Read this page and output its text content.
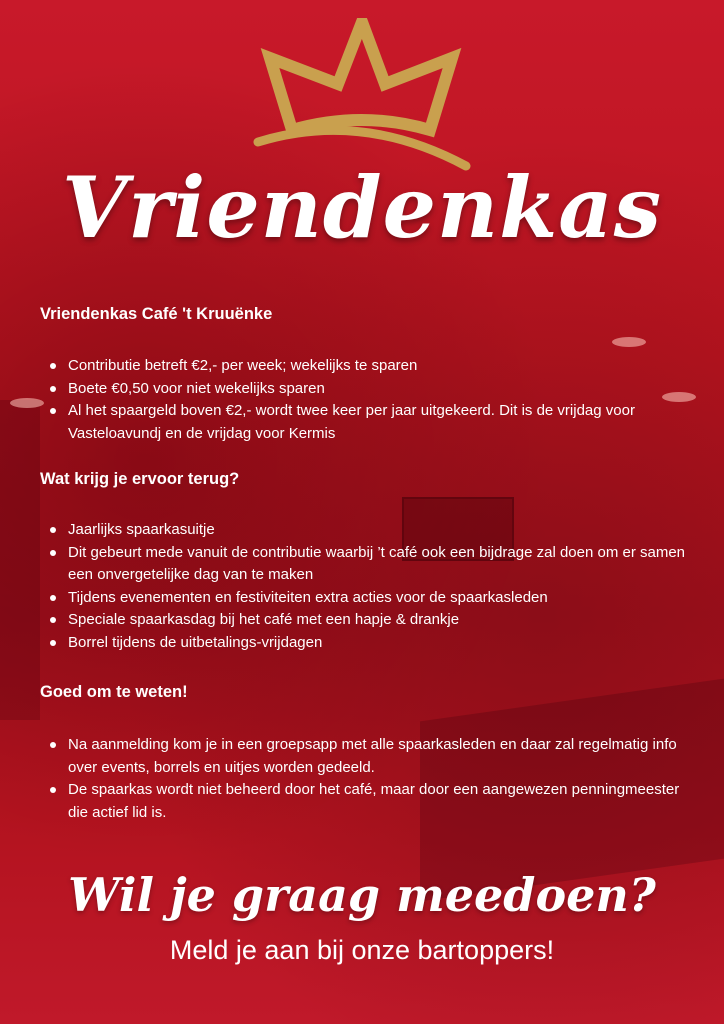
Vriendenkas
Vriendenkas Café 't Kruuënke
Contributie betreft €2,- per week; wekelijks te sparen
Boete €0,50 voor niet wekelijks sparen
Al het spaargeld boven €2,- wordt twee keer per jaar uitgekeerd. Dit is de vrijdag voor Vasteloavundj en de vrijdag voor Kermis
Wat krijg je ervoor terug?
Jaarlijks spaarkasuitje
Dit gebeurt mede vanuit de contributie waarbij ’t café ook een bijdrage zal doen om er samen een onvergetelijke dag van te maken
Tijdens evenementen en festiviteiten extra acties voor de spaarkasleden
Speciale spaarkasdag bij het café met een hapje & drankje
Borrel tijdens de uitbetalings-vrijdagen
Goed om te weten!
Na aanmelding kom je in een groepsapp met alle spaarkasleden en daar zal regelmatig info over events, borrels en uitjes worden gedeeld.
De spaarkas wordt niet beheerd door het café, maar door een aangewezen penningmeester die actief lid is.
Wil je graag meedoen?
Meld je aan bij onze bartoppers!
